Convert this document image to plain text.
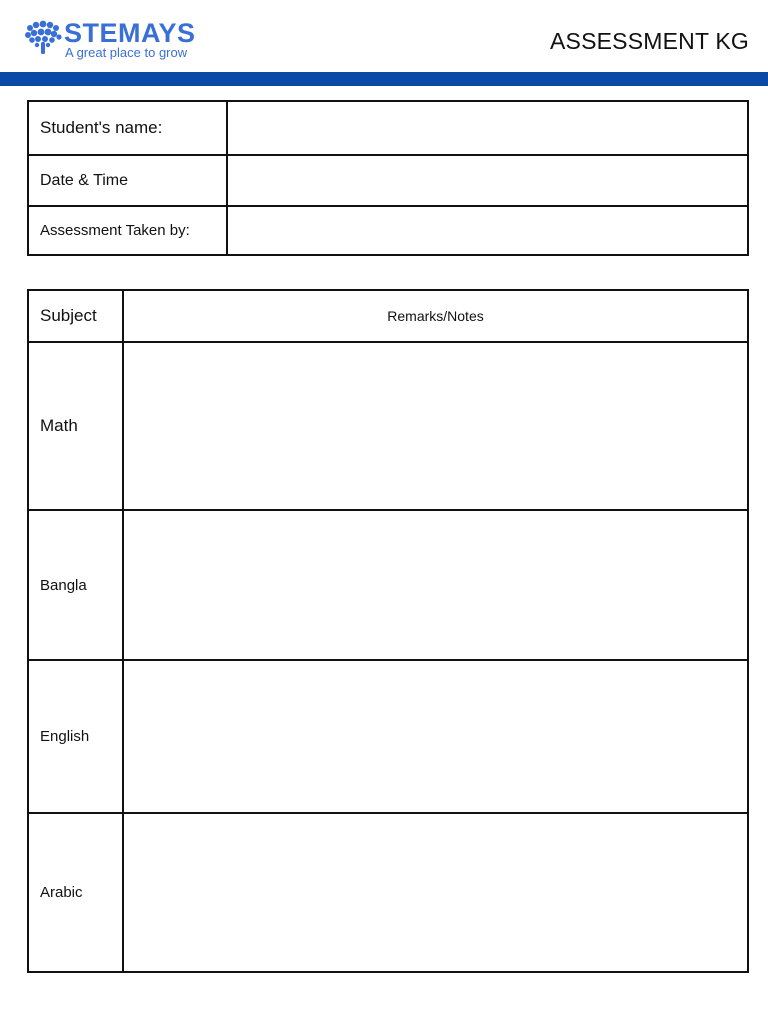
STEMAYS
A great place to grow	ASSESSMENT KG
Student's name:	
Date & Time	
Assessment Taken by:	
Subject	Remarks/Notes
Math	
Bangla	
English	
Arabic	
